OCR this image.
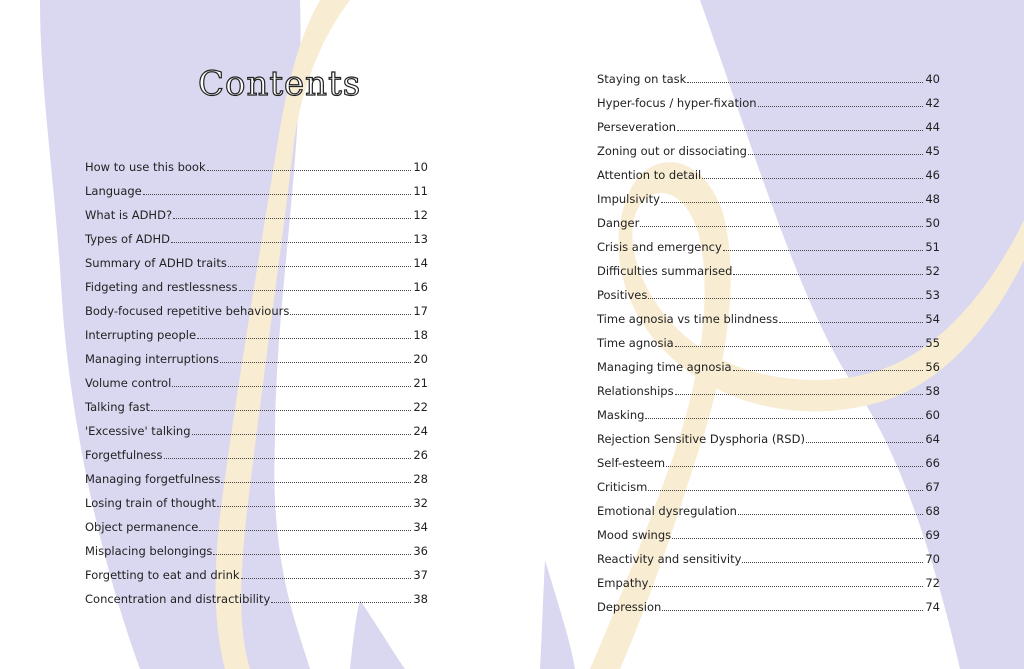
Contents
How to use this book	10
Language	11
What is ADHD?	12
Types of ADHD	13
Summary of ADHD traits	14
Fidgeting and restlessness	16
Body-focused repetitive behaviours	17
Interrupting people	18
Managing interruptions	20
Volume control	21
Talking fast	22
'Excessive' talking	24
Forgetfulness	26
Managing forgetfulness	28
Losing train of thought	32
Object permanence	34
Misplacing belongings	36
Forgetting to eat and drink	37
Concentration and distractibility	38
Staying on task	40
Hyper-focus / hyper-fixation	42
Perseveration	44
Zoning out or dissociating	45
Attention to detail	46
Impulsivity	48
Danger	50
Crisis and emergency	51
Difficulties summarised	52
Positives	53
Time agnosia vs time blindness	54
Time agnosia	55
Managing time agnosia	56
Relationships	58
Masking	60
Rejection Sensitive Dysphoria (RSD)	64
Self-esteem	66
Criticism	67
Emotional dysregulation	68
Mood swings	69
Reactivity and sensitivity	70
Empathy	72
Depression	74
